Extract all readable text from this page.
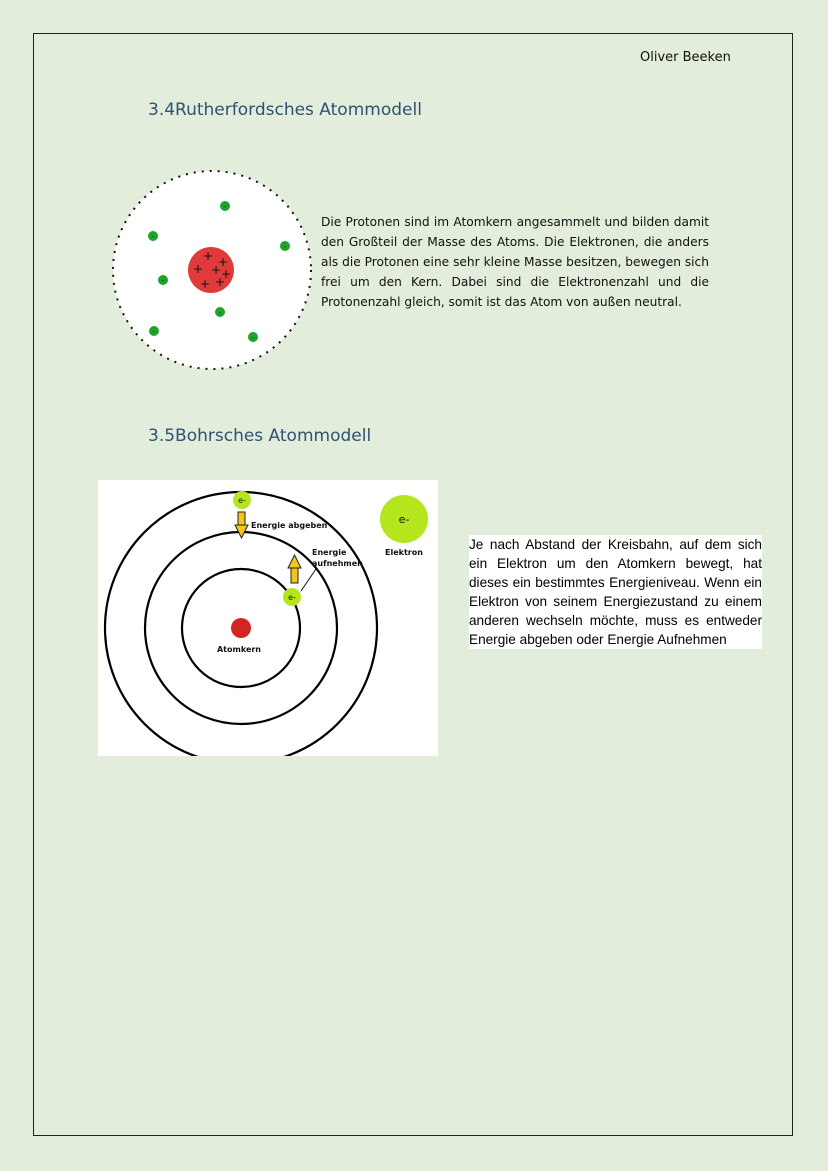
Oliver Beeken
3.4Rutherfordsches Atommodell
+ +
+ + +
+ +
-
-
-
-
-
-
-
Die Protonen sind im Atomkern angesammelt und bilden damit den Großteil der Masse des Atoms. Die Elektronen, die anders als die Protonen eine sehr kleine Masse besitzen, bewegen sich frei um den Kern. Dabei sind die Elektronenzahl und die Protonenzahl gleich, somit ist das Atom von außen neutral.
3.5Bohrsches Atommodell
Atomkern
e-
Energie abgeben
e-
Energie
aufnehmen
e-
Elektron
Je nach Abstand der Kreisbahn, auf dem sich ein Elektron um den Atomkern bewegt, hat dieses ein bestimmtes Energieniveau. Wenn ein Elektron von seinem Energiezustand zu einem anderen wechseln möchte, muss es entweder Energie abgeben oder Energie Aufnehmen
